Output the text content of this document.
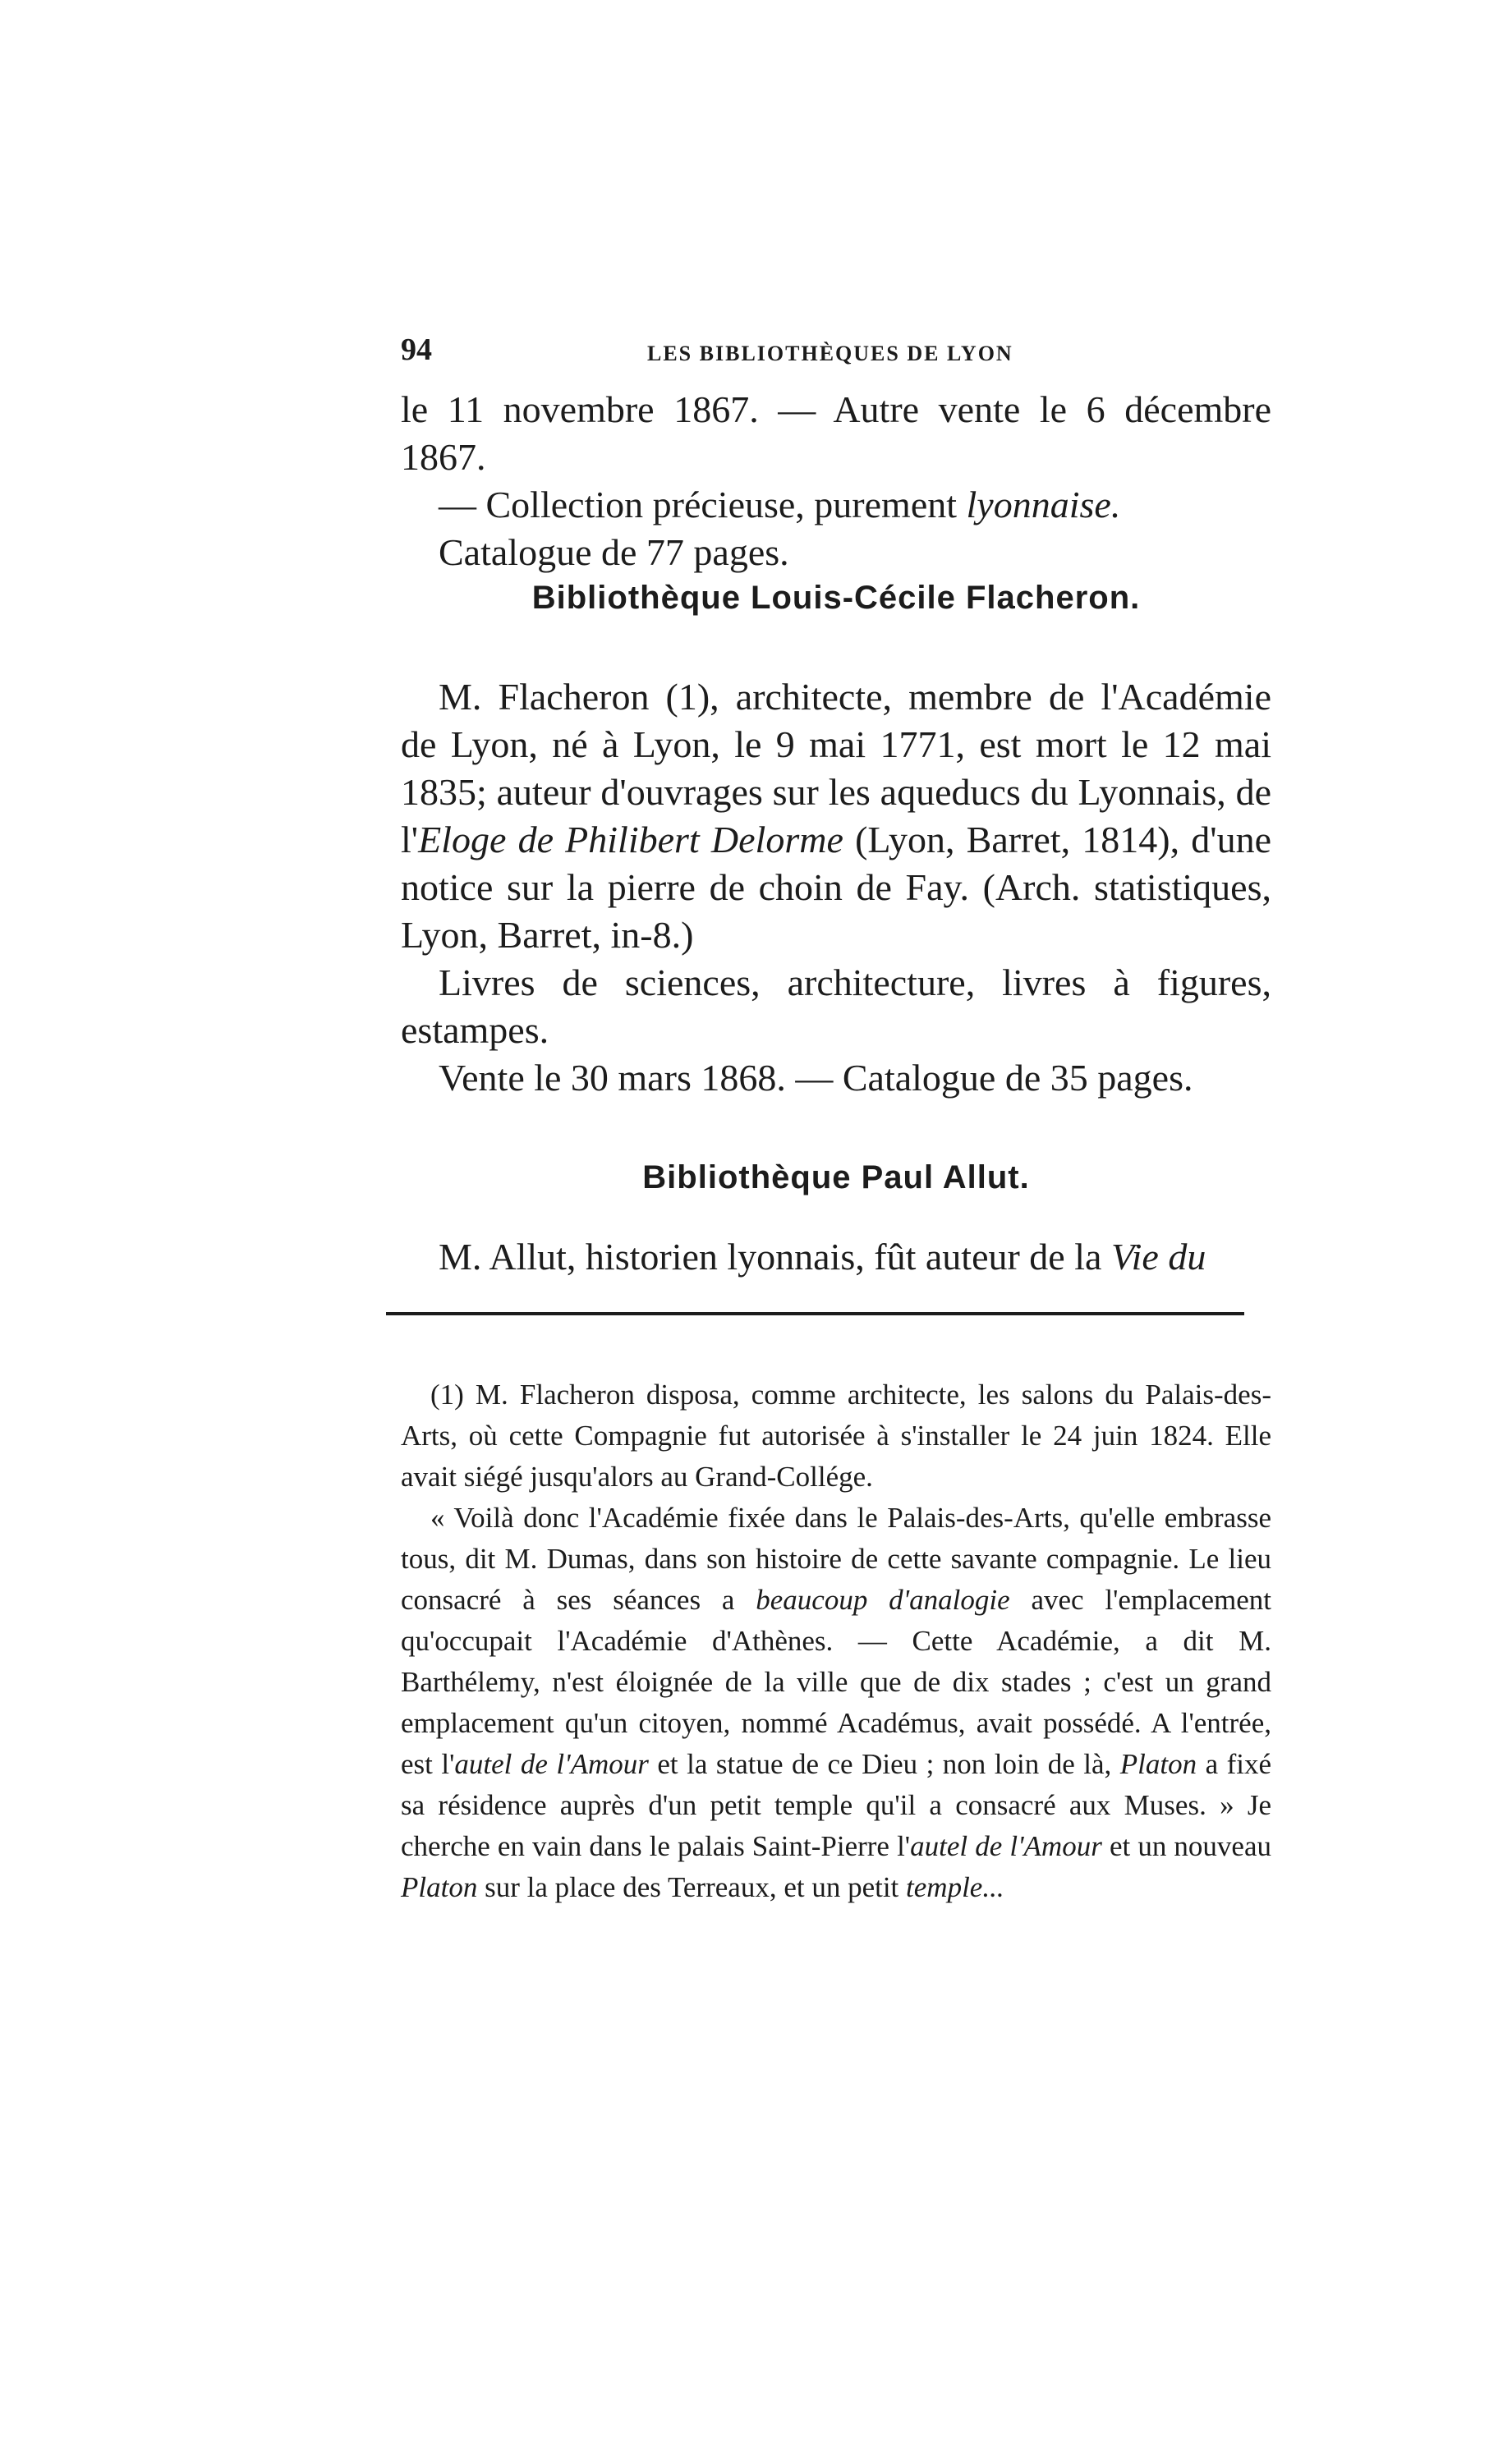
94	LES BIBLIOTHÈQUES DE LYON

le 11 novembre 1867. — Autre vente le 6 décembre 1867.

— Collection précieuse, purement lyonnaise.

Catalogue de 77 pages.

Bibliothèque Louis-Cécile Flacheron.

M. Flacheron (1), architecte, membre de l'Académie de Lyon, né à Lyon, le 9 mai 1771, est mort le 12 mai 1835; auteur d'ouvrages sur les aqueducs du Lyonnais, de l'Eloge de Philibert Delorme (Lyon, Barret, 1814), d'une notice sur la pierre de choin de Fay. (Arch. statistiques, Lyon, Barret, in-8.)

Livres de sciences, architecture, livres à figures, estampes.

Vente le 30 mars 1868. — Catalogue de 35 pages.

Bibliothèque Paul Allut.

M. Allut, historien lyonnais, fût auteur de la Vie du

(1) M. Flacheron disposa, comme architecte, les salons du Palais-des-Arts, où cette Compagnie fut autorisée à s'installer le 24 juin 1824. Elle avait siégé jusqu'alors au Grand-Collége.

« Voilà donc l'Académie fixée dans le Palais-des-Arts, qu'elle embrasse tous, dit M. Dumas, dans son histoire de cette savante compagnie. Le lieu consacré à ses séances a beaucoup d'analogie avec l'emplacement qu'occupait l'Académie d'Athènes. — Cette Académie, a dit M. Barthélemy, n'est éloignée de la ville que de dix stades ; c'est un grand emplacement qu'un citoyen, nommé Académus, avait possédé. A l'entrée, est l'autel de l'Amour et la statue de ce Dieu ; non loin de là, Platon a fixé sa résidence auprès d'un petit temple qu'il a consacré aux Muses. » Je cherche en vain dans le palais Saint-Pierre l'autel de l'Amour et un nouveau Platon sur la place des Terreaux, et un petit temple...
